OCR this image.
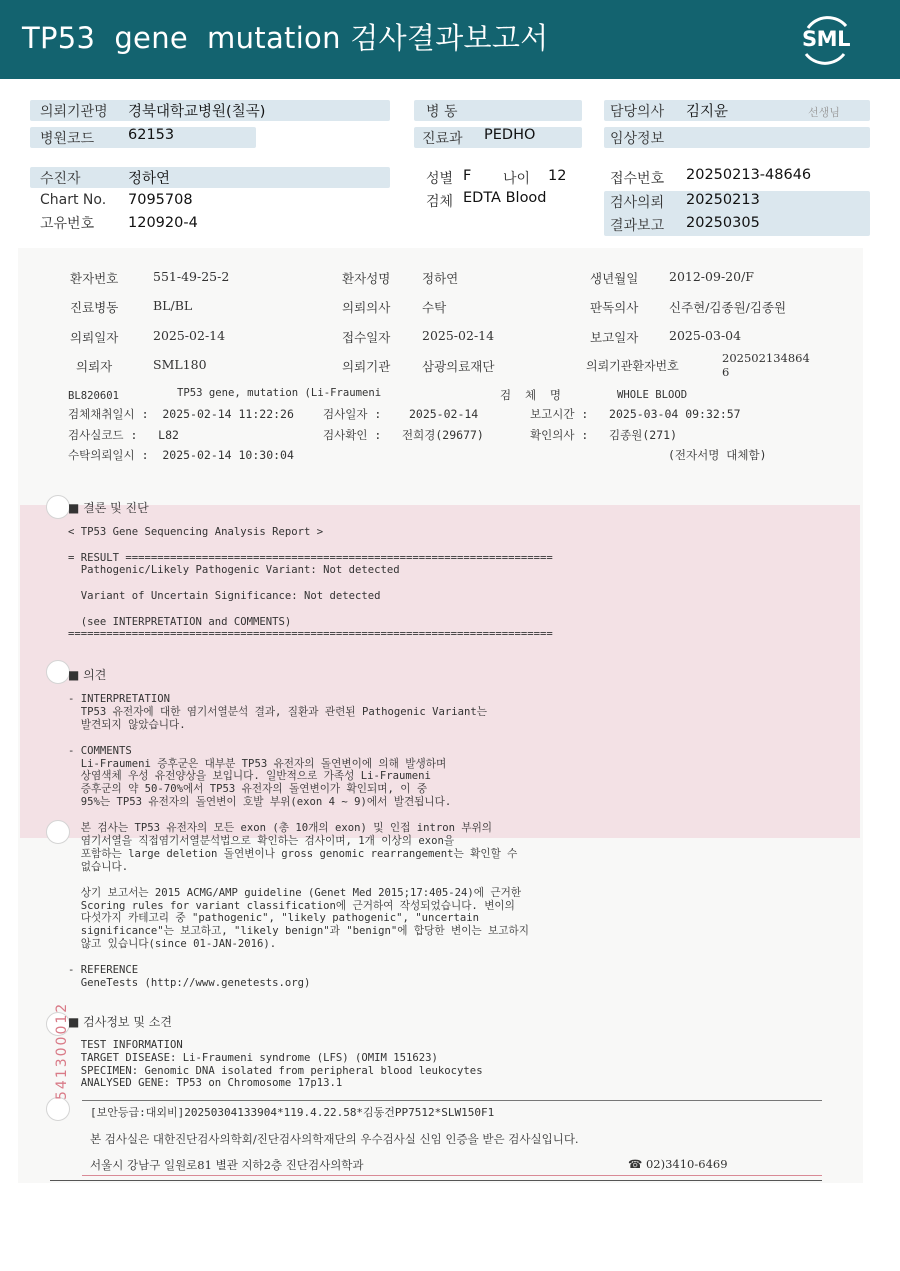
TP53  gene  mutation 검사결과보고서	SML
의뢰기관명 경북대학교병원(칠곡)	병 동	담당의사 김지윤	선생님
병원코드 62153	진료과 PEDHO	임상정보
수진자	정하연	성별 F 나이 12	접수번호 20250213-48646
Chart No. 7095708
고유번호 120920-4
검체 EDTA Blood	검사의뢰 20250213
결과보고 20250305
환자번호	551-49-25-2	환자성명	정하연	생년월일 2012-09-20/F
진료병동	BL/BL	의뢰의사	수탁	판독의사 신주현/김종원/김종원
의뢰일자	2025-02-14	접수일자	2025-02-14	보고일자 2025-03-04
의뢰자	SML180	의뢰기관	삼광의료재단	의뢰기관환자번호
202502134864
6
BL820601	TP53 gene, mutation (Li-Fraumeni	검  체  명	WHOLE BLOOD
검체채취일시 :  2025-02-14 11:22:26	검사일자 :    2025-02-14	보고시간 :   2025-03-04 09:32:57
검사실코드 :   L82	검사확인 :   전희경(29677)	확인의사 :   김종원(271)
수탁의뢰일시 :  2025-02-14 10:30:04	(전자서명 대체함)
■ 결론 및 진단
< TP53 Gene Sequencing Analysis Report >

= RESULT ===================================================================
Pathogenic/Likely Pathogenic Variant: Not detected

Variant of Uncertain Significance: Not detected

(see INTERPRETATION and COMMENTS)
============================================================================
■ 의견
- INTERPRETATION
TP53 유전자에 대한 염기서열분석 결과, 질환과 관련된 Pathogenic Variant는
발견되지 않았습니다.

- COMMENTS
Li-Fraumeni 증후군은 대부분 TP53 유전자의 돌연변이에 의해 발생하며
상염색체 우성 유전양상을 보입니다. 일반적으로 가족성 Li-Fraumeni
증후군의 약 50-70%에서 TP53 유전자의 돌연변이가 확인되며, 이 중
95%는 TP53 유전자의 돌연변이 호발 부위(exon 4 ~ 9)에서 발견됩니다.

본 검사는 TP53 유전자의 모든 exon (총 10개의 exon) 및 인접 intron 부위의
염기서열을 직접염기서열분석법으로 확인하는 검사이며, 1개 이상의 exon을
포함하는 large deletion 돌연변이나 gross genomic rearrangement는 확인할 수
없습니다.

상기 보고서는 2015 ACMG/AMP guideline (Genet Med 2015;17:405-24)에 근거한
Scoring rules for variant classification에 근거하여 작성되었습니다. 변이의
다섯가지 카테고리 중 "pathogenic", "likely pathogenic", "uncertain
significance"는 보고하고, "likely benign"과 "benign"에 합당한 변이는 보고하지
않고 있습니다(since 01-JAN-2016).

- REFERENCE
GeneTests (http://www.genetests.org)
■ 검사정보 및 소견
TEST INFORMATION
TARGET DISEASE: Li-Fraumeni syndrome (LFS) (OMIM 151623)
SPECIMEN: Genomic DNA isolated from peripheral blood leukocytes
ANALYSED GENE: TP53 on Chromosome 17p13.1
[보안등급:대외비]20250304133904*119.4.22.58*김동건PP7512*SLW150F1
본 검사실은 대한진단검사의학회/진단검사의학재단의 우수검사실 신임 인증을 받은 검사실입니다.
서울시 강남구 일원로81 별관 지하2층 진단검사의학과	☎ 02)3410-6469
541300012
